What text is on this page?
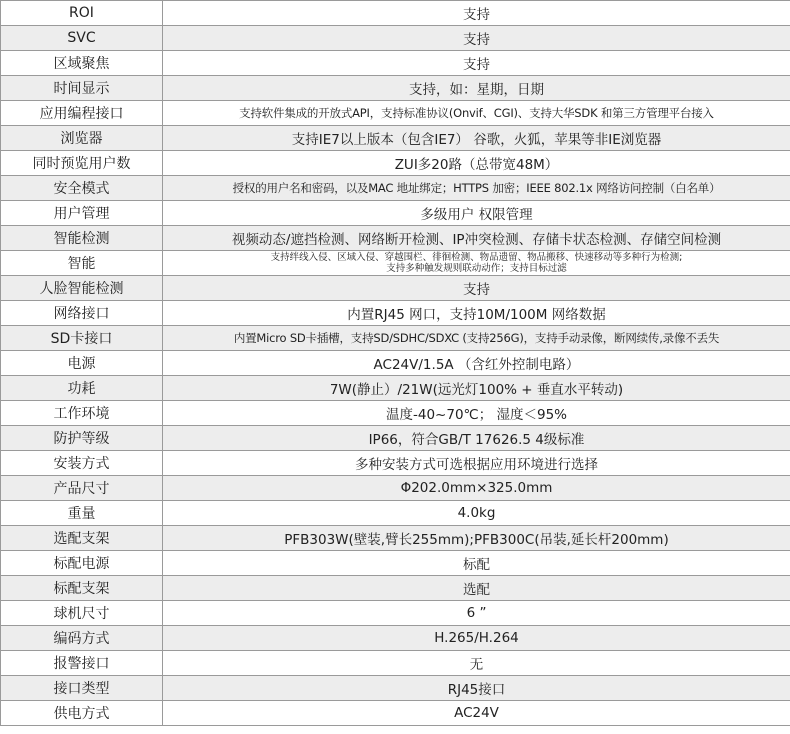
ROI	支持
SVC	支持
区域聚焦	支持
时间显示	支持，如：星期，日期
应用编程接口	支持软件集成的开放式API，支持标准协议(Onvif、CGI)、支持大华SDK 和第三方管理平台接入
浏览器	支持IE7以上版本（包含IE7） 谷歌，火狐，苹果等非IE浏览器
同时预览用户数	ZUI多20路（总带宽48M）
安全模式	授权的用户名和密码，以及MAC 地址绑定；HTTPS 加密；IEEE 802.1x 网络访问控制（白名单）
用户管理	多级用户 权限管理
智能检测	视频动态/遮挡检测、网络断开检测、IP冲突检测、存储卡状态检测、存储空间检测
智能	支持绊线入侵、区域入侵、穿越围栏、徘徊检测、物品遗留、物品搬移、快速移动等多种行为检测;
支持多种触发规则联动动作；支持目标过滤

人脸智能检测	支持
网络接口	内置RJ45 网口，支持10M/100M 网络数据
SD卡接口	内置Micro SD卡插槽，支持SD/SDHC/SDXC (支持256G)，支持手动录像，断网续传,录像不丢失
电源	AC24V/1.5A （含红外控制电路）
功耗	7W(静止）/21W(远光灯100% + 垂直水平转动)
工作环境	温度-40~70℃； 湿度＜95%
防护等级	IP66，符合GB/T 17626.5 4级标准
安装方式	多种安装方式可选根据应用环境进行选择
产品尺寸	Φ202.0mm×325.0mm
重量	4.0kg
选配支架	PFB303W(壁装,臂长255mm);PFB300C(吊装,延长杆200mm)
标配电源	标配
标配支架	选配
球机尺寸	6 ”
编码方式	H.265/H.264
报警接口	无
接口类型	RJ45接口
供电方式	AC24V
